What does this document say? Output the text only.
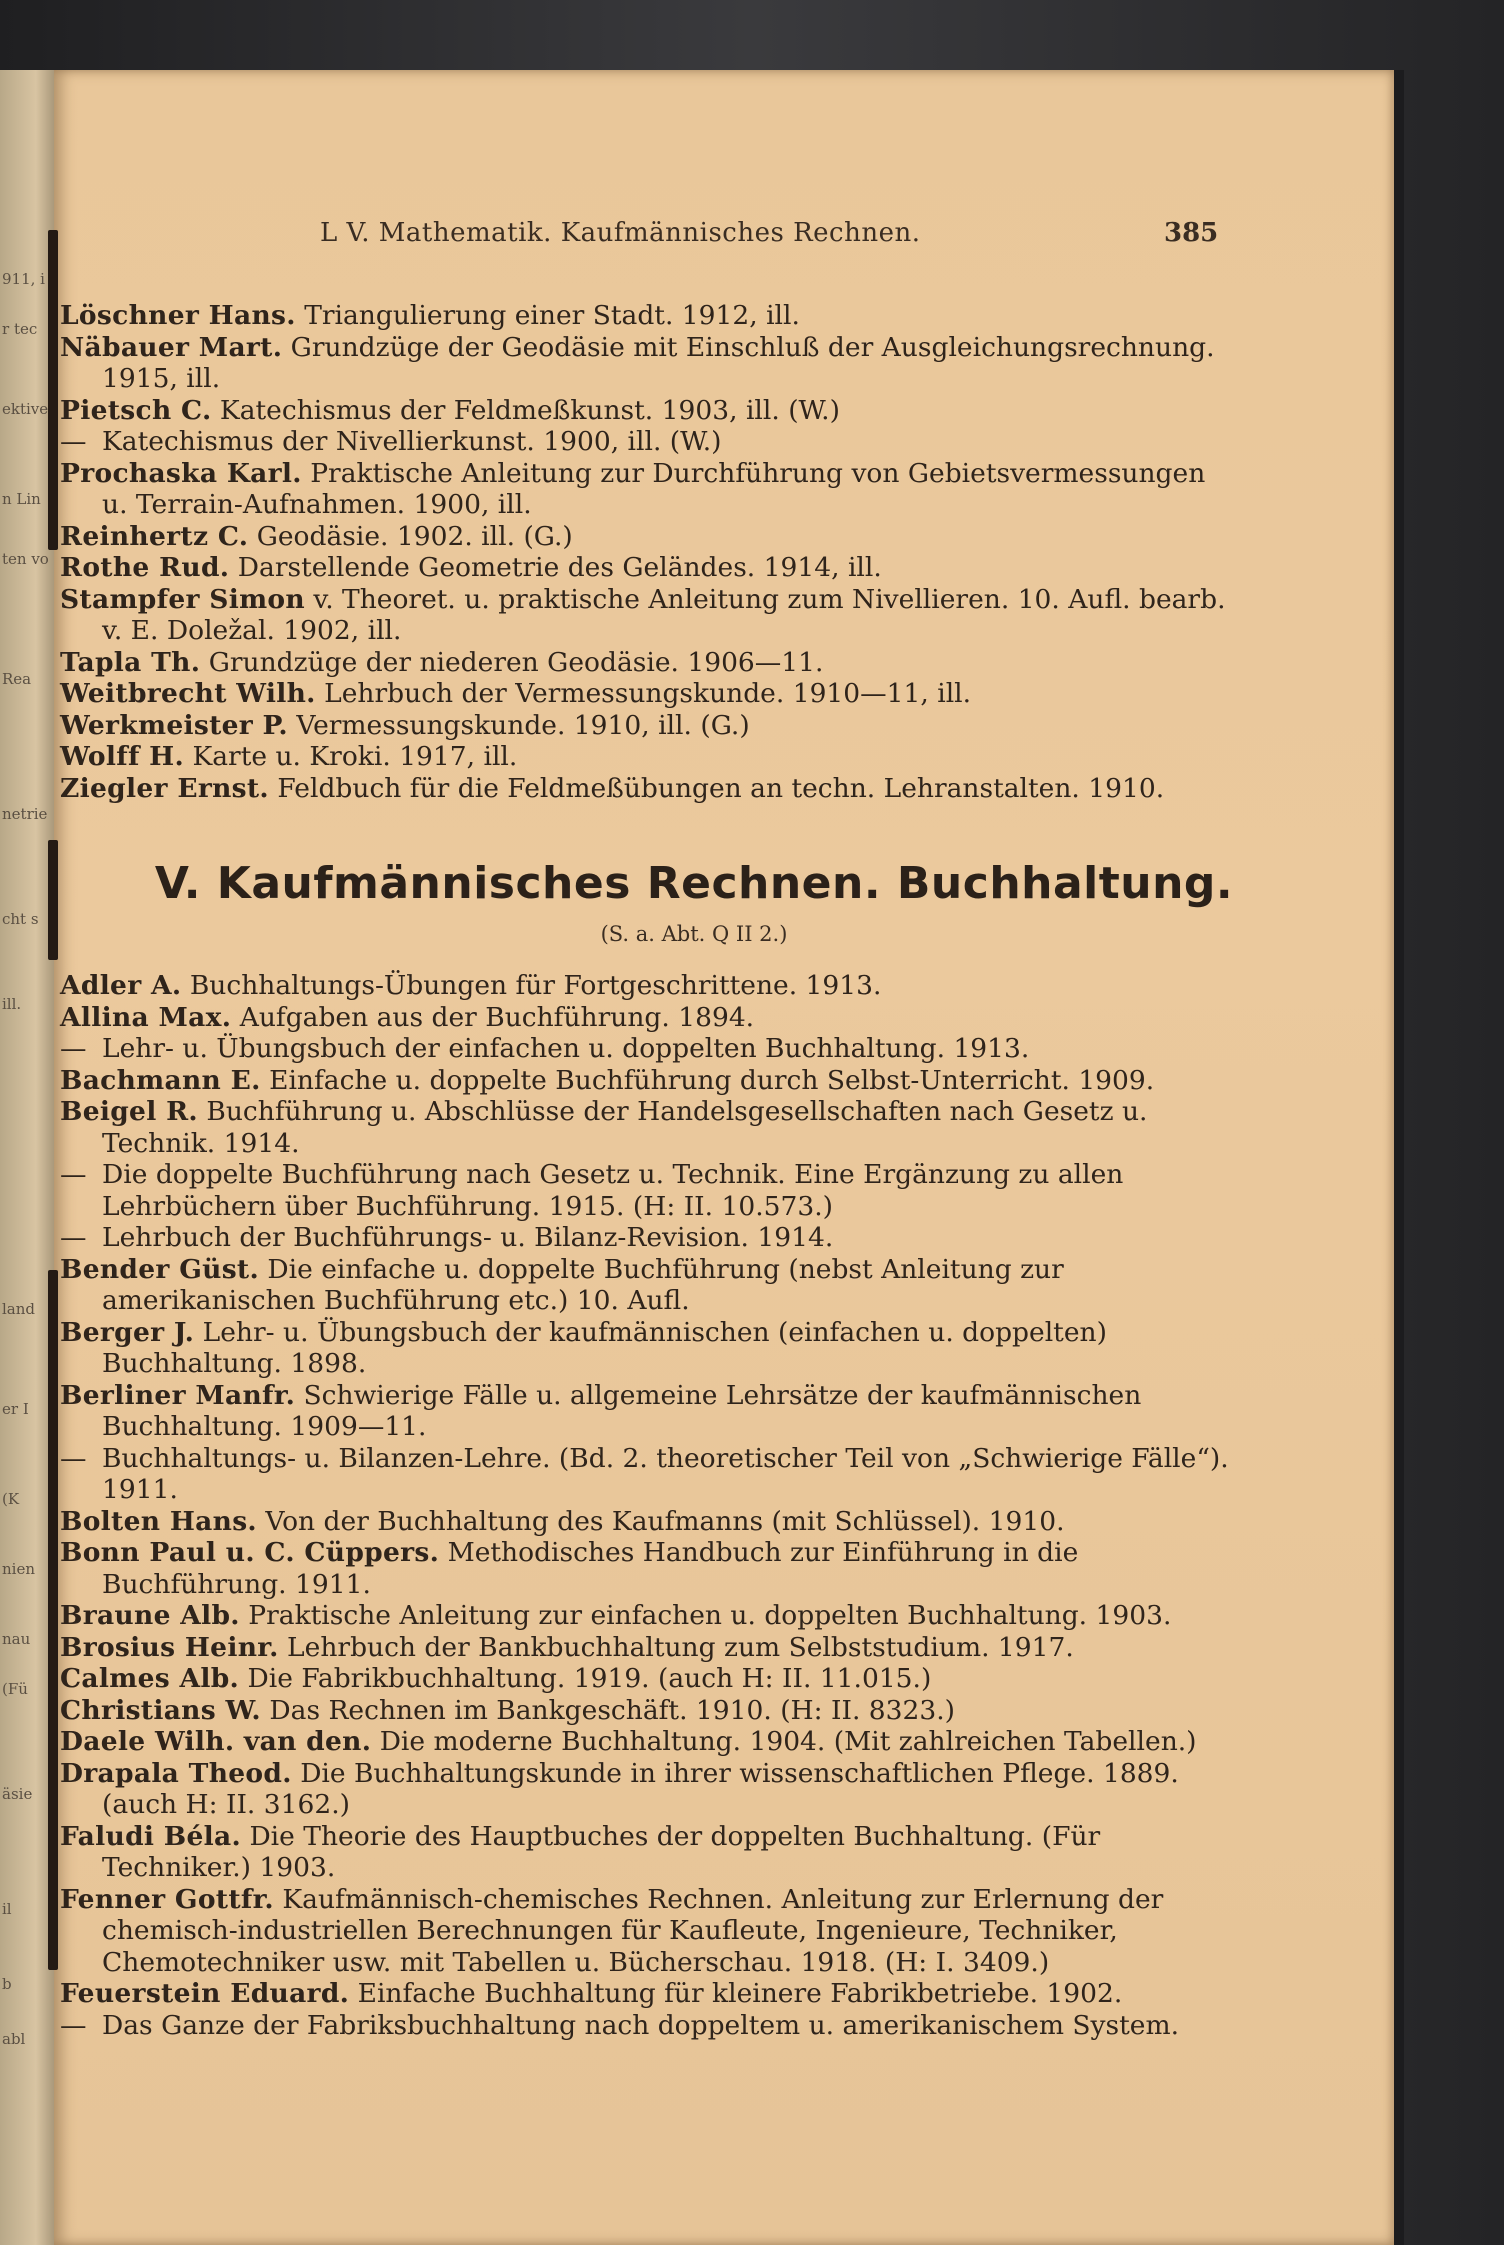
911, i
r tec
ektive
n Lin
ten vo
Rea
netrie
cht s
ill.
land
er I
(K
nien
nau
(Fü
äsie
il
b
abl
L V. Mathematik. Kaufmännisches Rechnen.	385

Löschner Hans. Triangulierung einer Stadt. 1912, ill.

Näbauer Mart. Grundzüge der Geodäsie mit Einschluß der Ausgleichungsrechnung. 1915, ill.

Pietsch C. Katechismus der Feldmeßkunst. 1903, ill. (W.)

— Katechismus der Nivellierkunst. 1900, ill. (W.)

Prochaska Karl. Praktische Anleitung zur Durchführung von Gebietsvermessungen u. Terrain-Aufnahmen. 1900, ill.

Reinhertz C. Geodäsie. 1902. ill. (G.)

Rothe Rud. Darstellende Geometrie des Geländes. 1914, ill.

Stampfer Simon v. Theoret. u. praktische Anleitung zum Nivellieren. 10. Aufl. bearb. v. E. Doležal. 1902, ill.

Tapla Th. Grundzüge der niederen Geodäsie. 1906—11.

Weitbrecht Wilh. Lehrbuch der Vermessungskunde. 1910—11, ill.

Werkmeister P. Vermessungskunde. 1910, ill. (G.)

Wolff H. Karte u. Kroki. 1917, ill.

Ziegler Ernst. Feldbuch für die Feldmeßübungen an techn. Lehranstalten. 1910.

V. Kaufmännisches Rechnen. Buchhaltung.
(S. a. Abt. Q II 2.)

Adler A. Buchhaltungs-Übungen für Fortgeschrittene. 1913.

Allina Max. Aufgaben aus der Buchführung. 1894.

— Lehr- u. Übungsbuch der einfachen u. doppelten Buchhaltung. 1913.

Bachmann E. Einfache u. doppelte Buchführung durch Selbst-Unterricht. 1909.

Beigel R. Buchführung u. Abschlüsse der Handelsgesellschaften nach Gesetz u. Technik. 1914.

— Die doppelte Buchführung nach Gesetz u. Technik. Eine Ergänzung zu allen Lehrbüchern über Buchführung. 1915. (H: II. 10.573.)

— Lehrbuch der Buchführungs- u. Bilanz-Revision. 1914.

Bender Güst. Die einfache u. doppelte Buchführung (nebst Anleitung zur amerikanischen Buchführung etc.) 10. Aufl.

Berger J. Lehr- u. Übungsbuch der kaufmännischen (einfachen u. doppelten) Buchhaltung. 1898.

Berliner Manfr. Schwierige Fälle u. allgemeine Lehrsätze der kaufmännischen Buchhaltung. 1909—11.

— Buchhaltungs- u. Bilanzen-Lehre. (Bd. 2. theoretischer Teil von „Schwierige Fälle“). 1911.

Bolten Hans. Von der Buchhaltung des Kaufmanns (mit Schlüssel). 1910.

Bonn Paul u. C. Cüppers. Methodisches Handbuch zur Einführung in die Buchführung. 1911.

Braune Alb. Praktische Anleitung zur einfachen u. doppelten Buchhaltung. 1903.

Brosius Heinr. Lehrbuch der Bankbuchhaltung zum Selbststudium. 1917.

Calmes Alb. Die Fabrikbuchhaltung. 1919. (auch H: II. 11.015.)

Christians W. Das Rechnen im Bankgeschäft. 1910. (H: II. 8323.)

Daele Wilh. van den. Die moderne Buchhaltung. 1904. (Mit zahlreichen Tabellen.)

Drapala Theod. Die Buchhaltungskunde in ihrer wissenschaftlichen Pflege. 1889. (auch H: II. 3162.)

Faludi Béla. Die Theorie des Hauptbuches der doppelten Buchhaltung. (Für Techniker.) 1903.

Fenner Gottfr. Kaufmännisch-chemisches Rechnen. Anleitung zur Erlernung der chemisch-industriellen Berechnungen für Kaufleute, Ingenieure, Techniker, Chemotechniker usw. mit Tabellen u. Bücherschau. 1918. (H: I. 3409.)

Feuerstein Eduard. Einfache Buchhaltung für kleinere Fabrikbetriebe. 1902.

— Das Ganze der Fabriksbuchhaltung nach doppeltem u. amerikanischem System.
